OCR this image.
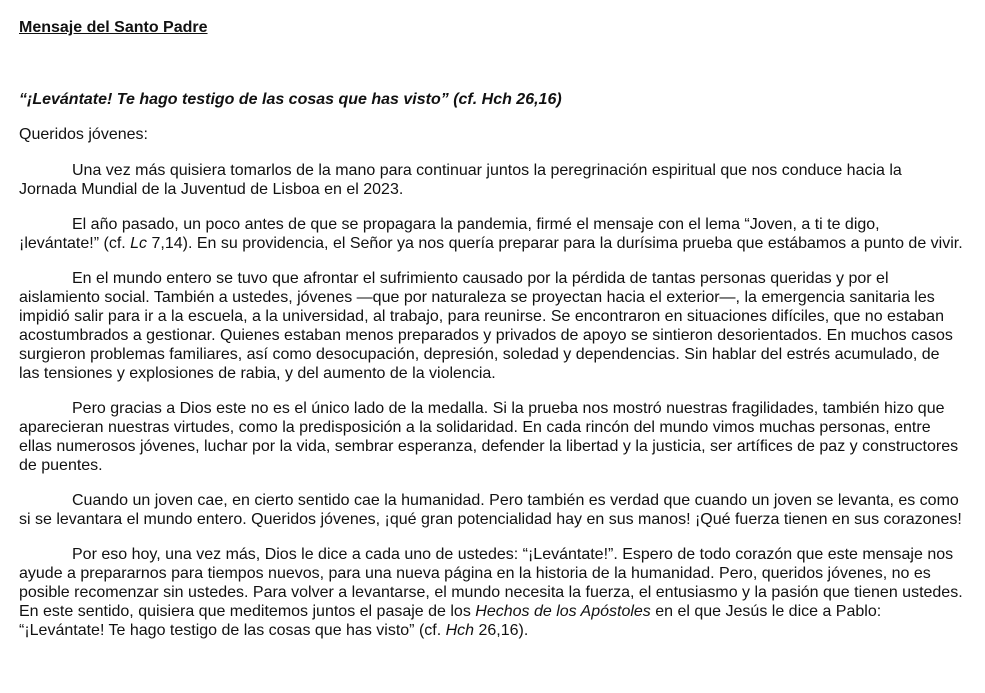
Mensaje del Santo Padre

“¡Levántate! Te hago testigo de las cosas que has visto” (cf. Hch 26,16)

Queridos jóvenes:

Una vez más quisiera tomarlos de la mano para continuar juntos la peregrinación espiritual que nos conduce hacia la Jornada Mundial de la Juventud de Lisboa en el 2023.

El año pasado, un poco antes de que se propagara la pandemia, firmé el mensaje con el lema “Joven, a ti te digo, ¡levántate!” (cf. Lc 7,14). En su providencia, el Señor ya nos quería preparar para la durísima prueba que estábamos a punto de vivir.

En el mundo entero se tuvo que afrontar el sufrimiento causado por la pérdida de tantas personas queridas y por el aislamiento social. También a ustedes, jóvenes —que por naturaleza se proyectan hacia el exterior—, la emergencia sanitaria les impidió salir para ir a la escuela, a la universidad, al trabajo, para reunirse. Se encontraron en situaciones difíciles, que no estaban acostumbrados a gestionar. Quienes estaban menos preparados y privados de apoyo se sintieron desorientados. En muchos casos surgieron problemas familiares, así como desocupación, depresión, soledad y dependencias. Sin hablar del estrés acumulado, de las tensiones y explosiones de rabia, y del aumento de la violencia.

Pero gracias a Dios este no es el único lado de la medalla. Si la prueba nos mostró nuestras fragilidades, también hizo que aparecieran nuestras virtudes, como la predisposición a la solidaridad. En cada rincón del mundo vimos muchas personas, entre ellas numerosos jóvenes, luchar por la vida, sembrar esperanza, defender la libertad y la justicia, ser artífices de paz y constructores de puentes.

Cuando un joven cae, en cierto sentido cae la humanidad. Pero también es verdad que cuando un joven se levanta, es como si se levantara el mundo entero. Queridos jóvenes, ¡qué gran potencialidad hay en sus manos! ¡Qué fuerza tienen en sus corazones!

Por eso hoy, una vez más, Dios le dice a cada uno de ustedes: “¡Levántate!”. Espero de todo corazón que este mensaje nos ayude a prepararnos para tiempos nuevos, para una nueva página en la historia de la humanidad. Pero, queridos jóvenes, no es posible recomenzar sin ustedes. Para volver a levantarse, el mundo necesita la fuerza, el entusiasmo y la pasión que tienen ustedes. En este sentido, quisiera que meditemos juntos el pasaje de los Hechos de los Apóstoles en el que Jesús le dice a Pablo: “¡Levántate! Te hago testigo de las cosas que has visto” (cf. Hch 26,16).
